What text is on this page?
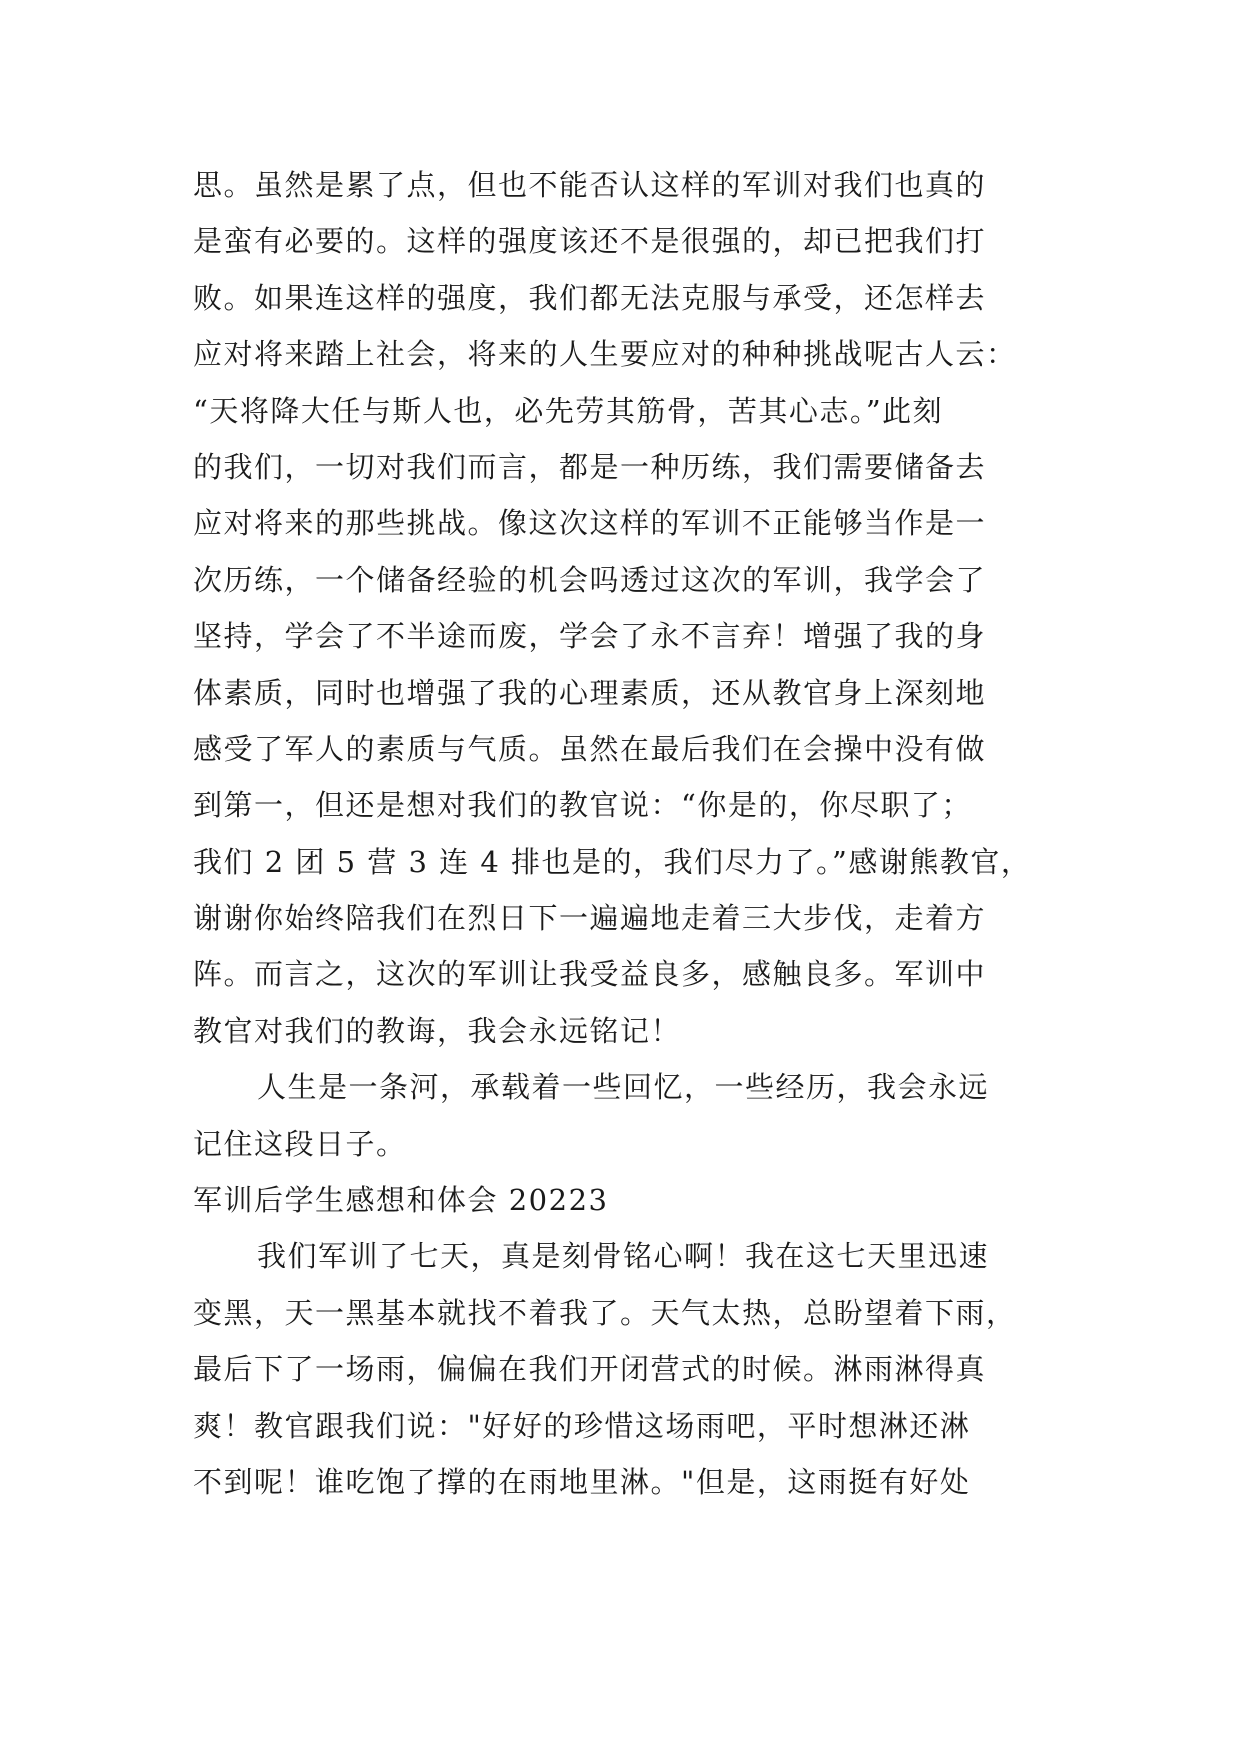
思。虽然是累了点，但也不能否认这样的军训对我们也真的
是蛮有必要的。这样的强度该还不是很强的，却已把我们打
败。如果连这样的强度，我们都无法克服与承受，还怎样去
应对将来踏上社会，将来的人生要应对的种种挑战呢古人云：
“天将降大任与斯人也，必先劳其筋骨，苦其心志。”此刻
的我们，一切对我们而言，都是一种历练，我们需要储备去
应对将来的那些挑战。像这次这样的军训不正能够当作是一
次历练，一个储备经验的机会吗透过这次的军训，我学会了
坚持，学会了不半途而废，学会了永不言弃！增强了我的身
体素质，同时也增强了我的心理素质，还从教官身上深刻地
感受了军人的素质与气质。虽然在最后我们在会操中没有做
到第一，但还是想对我们的教官说：“你是的，你尽职了；
我们 2 团 5 营 3 连 4 排也是的，我们尽力了。”感谢熊教官，
谢谢你始终陪我们在烈日下一遍遍地走着三大步伐，走着方
阵。而言之，这次的军训让我受益良多，感触良多。军训中
教官对我们的教诲，我会永远铭记！
人生是一条河，承载着一些回忆，一些经历，我会永远
记住这段日子。
军训后学生感想和体会 20223
我们军训了七天，真是刻骨铭心啊！我在这七天里迅速
变黑，天一黑基本就找不着我了。天气太热，总盼望着下雨，
最后下了一场雨，偏偏在我们开闭营式的时候。淋雨淋得真
爽！教官跟我们说："好好的珍惜这场雨吧，平时想淋还淋
不到呢！谁吃饱了撑的在雨地里淋。"但是，这雨挺有好处
